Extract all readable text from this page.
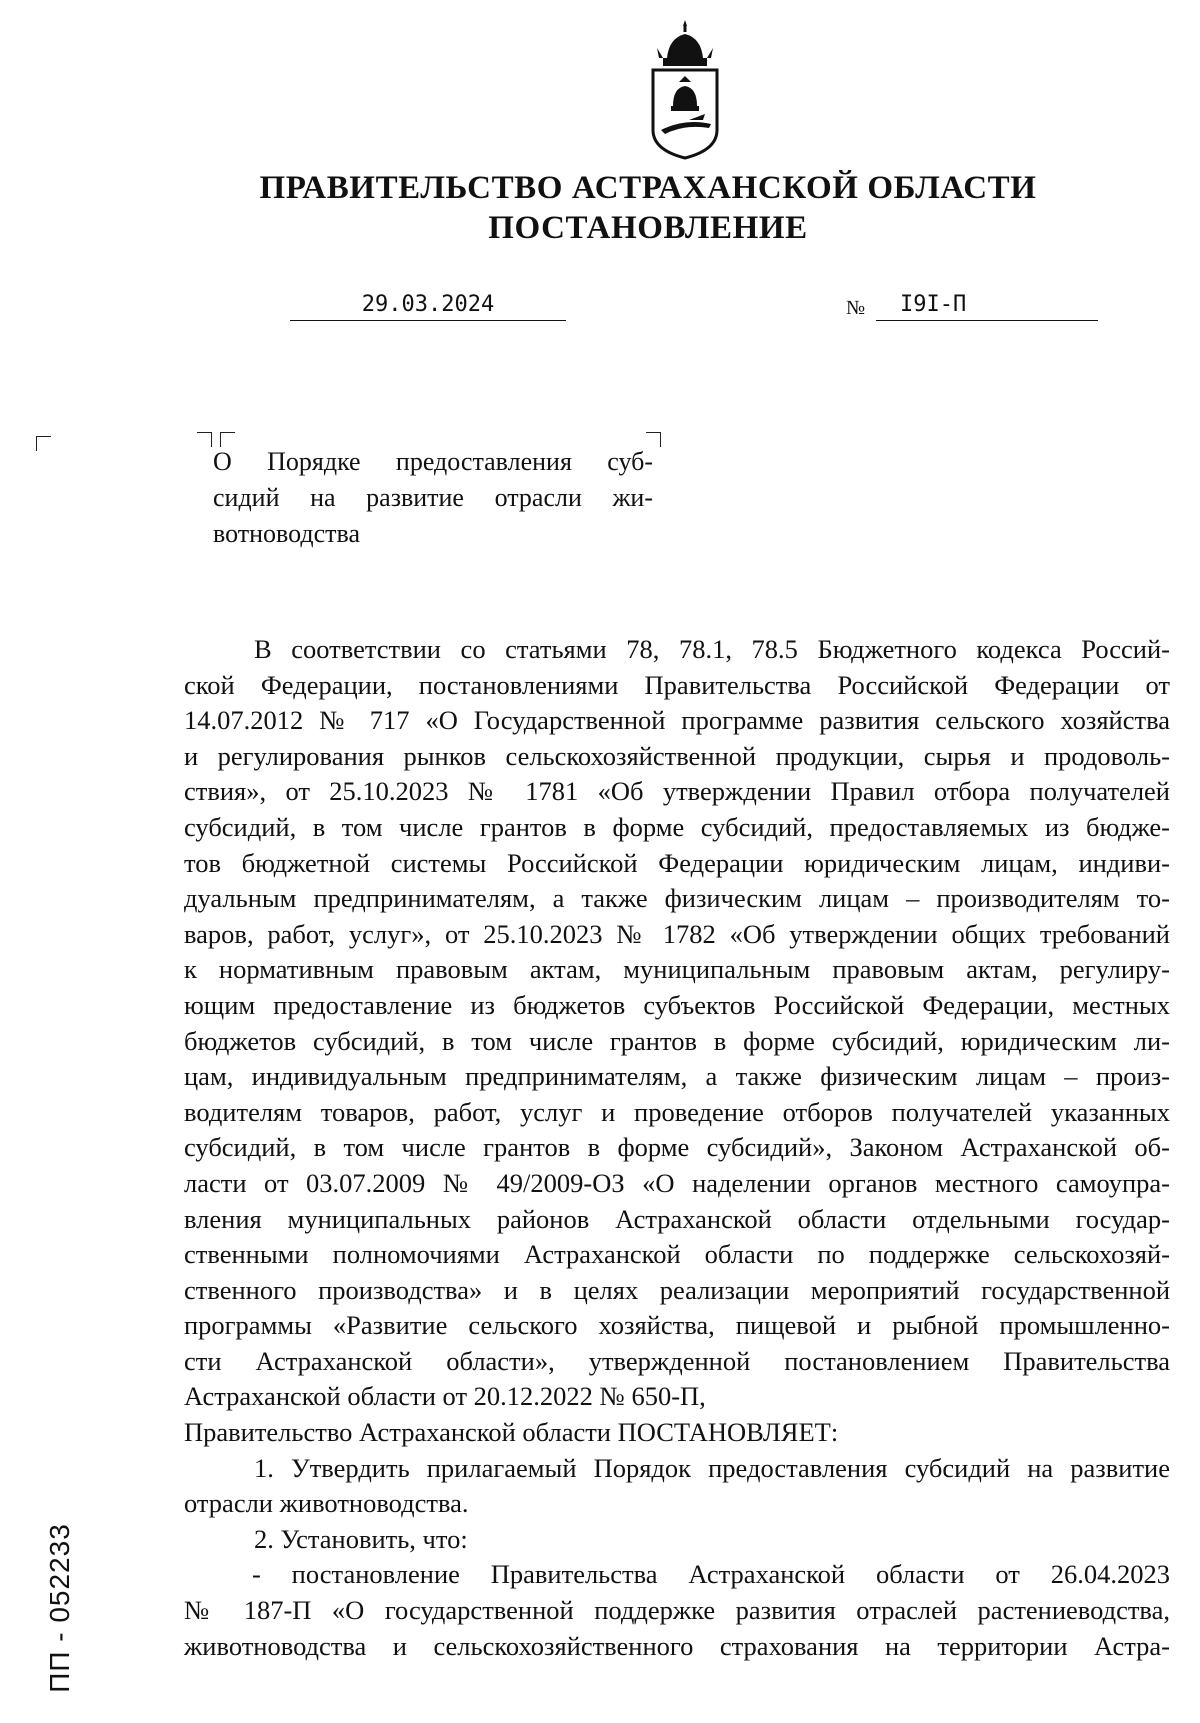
ПРАВИТЕЛЬСТВО АСТРАХАНСКОЙ ОБЛАСТИ
ПОСТАНОВЛЕНИЕ
29.03.2024	№	I9I-П
О Порядке предоставления суб-
сидий на развитие отрасли жи-
вотноводства
В соответствии со статьями 78, 78.1, 78.5 Бюджетного кодекса Россий-
ской Федерации, постановлениями Правительства Российской Федерации от
14.07.2012 № 717 «О Государственной программе развития сельского хозяйства
и регулирования рынков сельскохозяйственной продукции, сырья и продоволь-
ствия», от 25.10.2023 № 1781 «Об утверждении Правил отбора получателей
субсидий, в том числе грантов в форме субсидий, предоставляемых из бюдже-
тов бюджетной системы Российской Федерации юридическим лицам, индиви-
дуальным предпринимателям, а также физическим лицам – производителям то-
варов, работ, услуг», от 25.10.2023 № 1782 «Об утверждении общих требований
к нормативным правовым актам, муниципальным правовым актам, регулиру-
ющим предоставление из бюджетов субъектов Российской Федерации, местных
бюджетов субсидий, в том числе грантов в форме субсидий, юридическим ли-
цам, индивидуальным предпринимателям, а также физическим лицам – произ-
водителям товаров, работ, услуг и проведение отборов получателей указанных
субсидий, в том числе грантов в форме субсидий», Законом Астраханской об-
ласти от 03.07.2009 № 49/2009-ОЗ «О наделении органов местного самоупра-
вления муниципальных районов Астраханской области отдельными государ-
ственными полномочиями Астраханской области по поддержке сельскохозяй-
ственного производства» и в целях реализации мероприятий государственной
программы «Развитие сельского хозяйства, пищевой и рыбной промышленно-
сти Астраханской области», утвержденной постановлением Правительства
Астраханской области от 20.12.2022 № 650-П,
Правительство Астраханской области ПОСТАНОВЛЯЕТ:
1. Утвердить прилагаемый Порядок предоставления субсидий на развитие
отрасли животноводства.
2. Установить, что:
- постановление Правительства Астраханской области от 26.04.2023
№ 187-П «О государственной поддержке развития отраслей растениеводства,
животноводства и сельскохозяйственного страхования на территории Астра-
ПП - 052233
